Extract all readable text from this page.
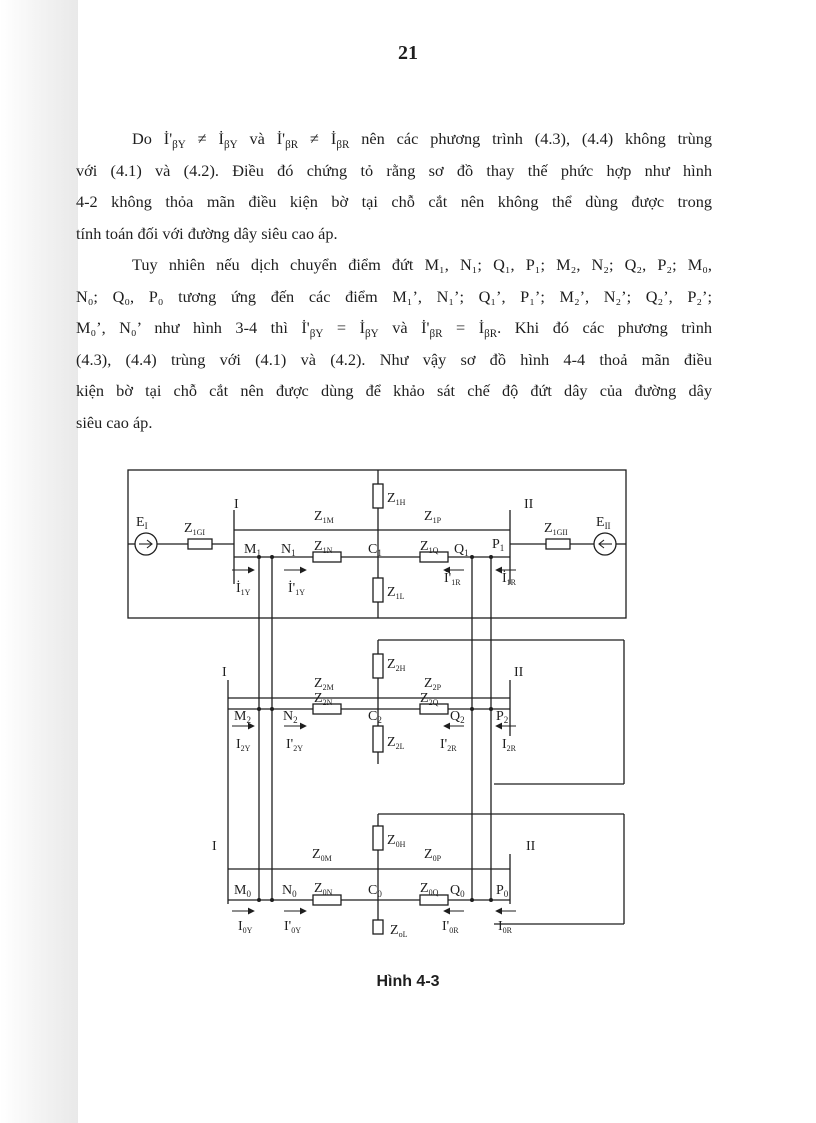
21

Do $İ'_{\beta Y}$ ≠ $İ_{\beta Y}$ và $İ'_{\beta R}$ ≠ $İ_{\beta R}$ nên các phương trình (4.3), (4.4) không trùng
với (4.1) và (4.2). Điều đó chứng tỏ rằng sơ đồ thay thế phức hợp như hình
4-2 không thỏa mãn điều kiện bờ tại chỗ cắt nên không thể dùng được trong
tính toán đối với đường dây siêu cao áp.

Tuy nhiên nếu dịch chuyển điểm đứt M₁, N₁; Q₁, P₁; M₂, N₂; Q₂, P₂; M₀,
N₀; Q₀, P₀ tương ứng đến các điểm M₁’, N₁’; Q₁’, P₁’; M₂’, N₂’; Q₂’, P₂’;
M₀’, N₀’ như hình 3-4 thì $İ'_{\beta Y}$ = $İ_{\beta Y}$ và $İ'_{\beta R}$ = $İ_{\beta R}$. Khi đó các phương trình
(4.3), (4.4) trùng với (4.1) và (4.2). Như vậy sơ đồ hình 4-4 thoả mãn điều
kiện bờ tại chỗ cắt nên được dùng để khảo sát chế độ đứt dây của đường dây
siêu cao áp.

$E_I$	$E_{II}$
$Z_{1GI}$	$Z_{1GII}$
I	II
$M_1$ $N_1$	$C_1$	$Q_1$
$P_1$
$Z_{1H}$
$Z_{1M}$	$Z_{1P}$
$Z_{1N}$	$Z_{1Q}$
$Z_{1L}$
$İ_{1Y}$	$İ'_{1Y}$
$İ'_{1R}$	$İ_{1R}$
I	II
$M_2$ $N_2$	$C_2$	$Q_2$ $P_2$
$Z_{2H}$
$Z_{2M}$	$Z_{2P}$
$Z_{2N}$	$Z_{2Q}$
$Z_{2L}$
$I_{2Y}$	$I'_{2Y}$	$I'_{2R}$	$I_{2R}$
I	II
$M_0$ $N_0$	$C_0$	$Q_0$ $P_0$
$Z_{0H}$
$Z_{0M}$	$Z_{0P}$
$Z_{0N}$	$Z_{0Q}$
$Z_{oL}$
$I_{0Y}$ $I'_{0Y}$	$I'_{0R}$	$I_{0R}$
Hình 4-3
